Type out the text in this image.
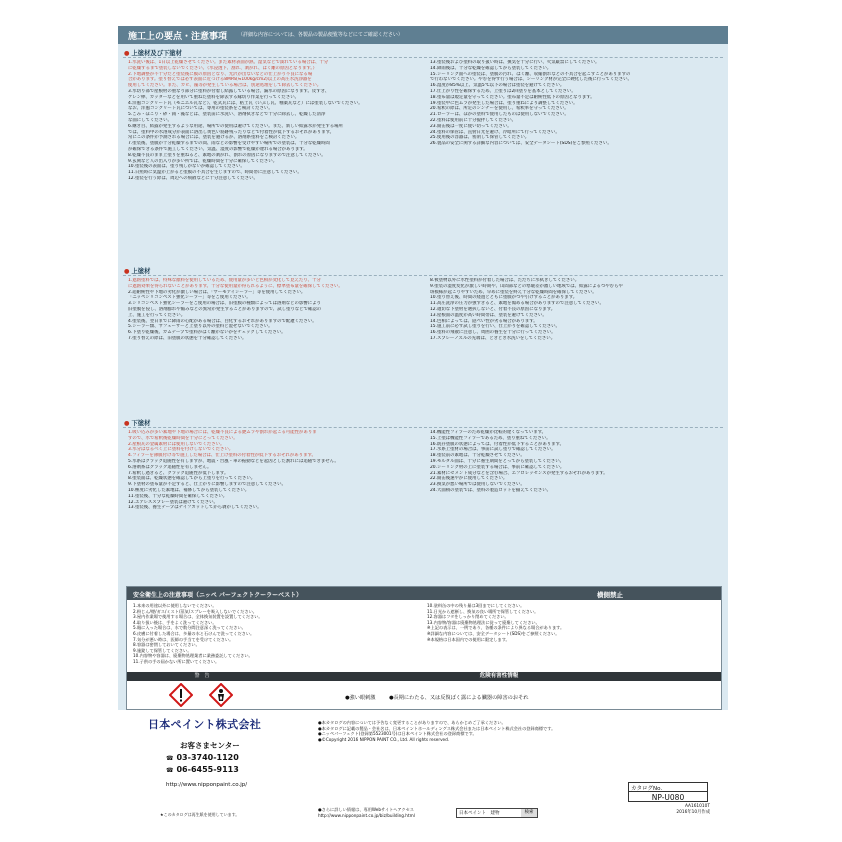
施工上の要点・注意事項 （詳細な内容については、各製品の製品便覧等などにてご確認ください）
● 上塗材及び下塗材
1.水洗い後は、1日以上乾燥させてください。また素材表面が熱、湿気などで濡れている場合は、十分
に乾燥するまで塗装しないでください。（水浸透下、割れ、剥がれ、はく離の原因となります。）
2.下地調整が不十分だと塗装後に膜の原因となり、光沢が出ないなどの仕上がり不良になる場
合があります。塗り替えでは必ず表面に近づける8MPa(≒100kg/cm2)以上の高圧水洗浄器を
使用してください。また、カビ、藻等が発生している場合は、別途処理をして除去してください。
3.水切り部で屋根材の重なり部分に塗料が付着し結露している場合、漏水の原因になります。皮すき、
ケレン棒、カッターなどを用いて重ねた塗料を除去する縁切り作業を行ってください。
4.洋風コンクリート瓦（モニエル瓦など）、乾式瓦には、粘土瓦（いぶし瓦、釉薬瓦など）には塗装しないでください。
なお、洋風コンクリート瓦については、専用の塗装系をご検討ください。
5.ごみ・ほこり・砂・錆・藻などは、塗装前に水洗い、溶剤拭きなどで十分に除去し、乾燥した清浄
な面にしてください。
6.継ぎ目、結露が発生するような用途、場所での使用は避けてください。また、新しい結露水が発生する場所
では、塗料中の水溶成分が表面に溶出し黄色い筋跡残ったりなどで付着性が低下するおそれがあります。
常にこの条件が予測される場合には、塗装を避けるか、溶剤系塗料をご検討ください。
7.塗装後、塗膜が十分乾燥するまでの間、雨などの影響を受けやすい場所での塗装は、十分な乾燥時間
が確保できる条件で施工してください。気温、湿度の影響で乾燥が遅れる場合があります。
8.乾燥不良のまま上塗りを重ねると、素地の剥がれ、割れの原因になりますので注意してください。
9.玄関など人の出入りが多い所では、乾燥時間を十分に確保してください。
10.塗装後の表面は、塗り残しがないか確認してください。
11.日照時に気温が上がると塗膜の不具合を生じますので、時間帯に注意してください。
12.塗装を行う際は、周辺への飛散などに十分注意してください。
13.塗装後および塗料の取り扱い時は、換気を十分に行い、火気厳禁にしてください。
14.降雨後は、十分な乾燥を確認してから塗装してください。
15.シーリング面への塗装は、塗膜の汚れ、はく離、収縮割れなどの不具合を起こすことがありますの
で行わないでください。やむを得ず行う場合は、シーリング材が完全に硬化した後に行ってください。
16.湿度が85%以上、気温5℃以下の場合は塗装を避けてください。
17.仕上がり性を確保するため、上塗りは2回塗りを基本としてください。
18.塗布量は規定量を守ってください。塗布量不足は耐候性低下の原因となります。
19.塗装中に色ムラが発生した場合は、塗り重ねにより調整してください。
20.希釈の際は、所定のシンナーを使用し、希釈率を守ってください。
21.ローラーは、ほかの塗料で使用したものは使用しないでください。
22.塗料は使用前に十分撹拌してください。
23.開缶後は一度に使い切ってください。
24.塗料の保管は、直射日光を避け、冷暗所にて行ってください。
25.使用後の容器は、密閉して保管してください。
26.製品の安全に関する詳細な内容については、安全データシート(SDS)をご参照ください。
● 上塗材
1.遮熱塗料では、特殊な顔料を使用しているため、使用量が多いと色相が変化して見えたり、十分
に遮熱効果を得られないことがあります。十分な使用量が得られるように、標準塗布量を確保してください。
2.超耐候性や下地の劣化が激しい場合は、「サーモアイシーラー」等を使用してください。
「ニッペシリコンベスト強化シーラー」等をご使用ください。
3.シリコンベスト強化シーラーをご使用の場合は、旧塗膜の種類によっては溶剤などの影響により
旧塗膜を侵し、溶剤膨れや縮みなどの異常が発生することがありますので、試し塗りなどで確認の
上、施工を行ってください。
4.塗装後、翌日までに降雨の心配がある場合は、白化するおそれがありますので配慮ください。
5.シーラー類、サフェーサーと上塗り以外の塗料と混ぜないでください。
6.下塗り乾燥後、ガムテープで塗料がはく離がないかをチェックしてください。
7.塗り替えの際は、旧塗膜の状態を十分確認してください。
8.被塗物以外に水性塗料が付着した場合は、ただちに水拭きしてください。
9.塗装の湿度変化が激しい時期や、山間部などの寒暖差が激しい地域では、結露によるつやむらや
斑模様が起こりやすいため、早めに塗装を終え十分な乾燥時間を確保してください。
10.塗り替え後、時間の経過とともに塗膜がつや引けすることがあります。
11.高圧洗浄の圧力が強すぎると、素地を傷める場合がありますので注意してください。
12.適切な下塗材を選択しないと、付着不良の原因になります。
13.屋根面の温度が高い時間帯は、塗装を避けてください。
14.色相によっては、隠ぺい性が劣る場合があります。
15.施工前に必ず試し塗りを行い、仕上がりを確認してください。
16.塗料の飛散に注意し、周囲の養生を十分に行ってください。
17.スプレーノズルの先端は、ときどき水洗いをしてください。
● 下塗材
1.吸い込みが多い素地や下地の場合には、乾燥不良による艶ムラや割れが起こる可能性がありま
すので、水で希釈後乾燥時間を十分にとってください。
2.屋根瓦の金属素材には使用しないでください。
3.水分はなるべく上に塗料を付けしないでください。
4.フィラーを薄膜付け等で施工した場合は、仕上げ塗料の付着性が低下するおそれがあります。
5.水系はクラック追随性を有しますが、地震・台風・車の振動などを起因とした割れには追随できません。
6.溶剤系はクラック追随性を有しません。
7.希釈し過ぎると、クラック追随性が低下します。
8.塗装面は、乾燥状態を確認してから上塗りを行ってください。
9.下塗材の塗布量が不足すると、仕上がりに影響しますので注意してください。
10.極度に劣化した素地は、補修してから塗装してください。
11.塗装後、十分な乾燥時間を確保してください。
12.エアレススプレー塗装は避けてください。
13.塗装後、養生テープはナイフカットしてから剥がしてください。
14.機能性フィラーのため乾燥が比較的遅くなっています。
15.上塗は機能性フィラーであるため、塗り重ねてください。
16.既存塗膜の状態によっては、付着性が低下することがあります。
17.水系上塗材の場合は、事前に試し塗りで確認してください。
18.塗装前の素地は、十分乾燥させてください。
19.モルタル面は、十分に養生期間をとってから塗装してください。
20.シーリング材の上に塗装する場合は、事前に確認してください。
21.素材にセメント成分などを含む場合、エフロレッセンスが発生するおそれがあります。
22.開缶後速やかに使用してください。
23.換気が悪い場所では使用しないでください。
24.大面積の塗装では、塗料の製造ロットを揃えてください。
安全衛生上の注意事項（ニッペ パーフェクトクーラーベスト）	横側禁止
1.本来の用途以外に使用しないでください。
2.粉じん/煙/ガス/ミスト/蒸気/スプレーを吸入しないでください。
3.屋内作業場で使用する場合は、全体換気装置を設置してください。
4.取り扱い後は、手をよく洗ってください。
5.眼に入った場合は、水で数分間注意深く洗ってください。
6.皮膚に付着した場合は、多量の水と石けんで洗ってください。
7.気分が悪い時は、医師の手当てを受けてください。
8.容器は密閉しておいてください。
9.施錠して保管してください。
10.内容物や容器は、廃棄物処理業者に業務委託してください。
11.子供の手の届かない所に置いてください。
10.塗料缶の中の残り量は3回までにしてください。
11.日光から遮断し、換気の良い場所で保管してください。
12.容器はフタをしっかり閉めてください。
13.内容物/容器は廃棄物処理法に従って廃棄してください。
※上記の表示は、一例であり、各種の条件により異なる場合があります。
※詳細な内容については、安全データシート(SDS)をご参照ください。
※本規格は日本国内での使用に限定します。
警　告	危険有害性情報
●強い眼刺激	●長期にわたる、又は反復ばく露による臓器の障害のおそれ
日本ペイント株式会社
お客さまセンター
☎ 03-3740-1120
☎ 06-6455-9113
http://www.nipponpaint.co.jp/
★このカタログは再生紙を使用しています。
●本カタログの内容については予告なく変更することがありますので、あらかじめご了承ください。
●本カタログに記載の製品・会社名は、日本ペイントホールディングス株式会社または日本ペイント株式会社の登録商標です。
●ニッペパーフェクト(登録第5523001号)は日本ペイント株式会社の登録商標です。
●©Copyright 2016 NIPPON PAINT CO., Ltd. All rights reserved.
●さらに詳しい情報は、専用Webサイトへアクセス
http://www.nipponpaint.co.jp/biz/building.html	日本ペイント　建物	検索
カタログNo.
NP-U080
AA161010T
2016年10月作成
